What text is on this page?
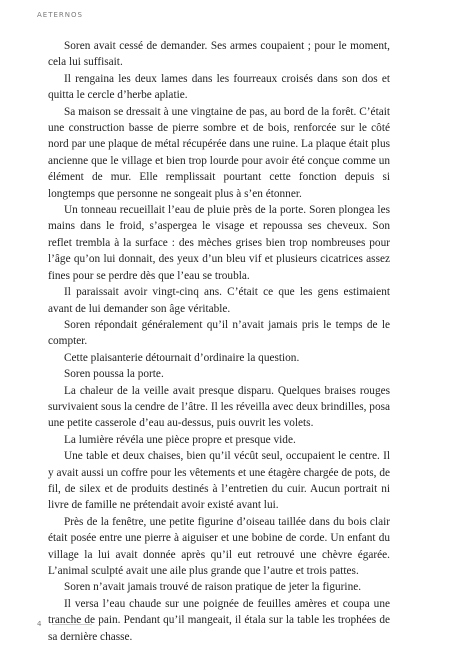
AETERNOS

Soren avait cessé de demander. Ses armes coupaient ; pour le moment, cela lui suffisait.

Il rengaina les deux lames dans les fourreaux croisés dans son dos et quitta le cercle d’herbe aplatie.

Sa maison se dressait à une vingtaine de pas, au bord de la forêt. C’était une construction basse de pierre sombre et de bois, renforcée sur le côté nord par une plaque de métal récupérée dans une ruine. La plaque était plus ancienne que le village et bien trop lourde pour avoir été conçue comme un élément de mur. Elle remplissait pourtant cette fonction depuis si longtemps que personne ne songeait plus à s’en étonner.

Un tonneau recueillait l’eau de pluie près de la porte. Soren plongea les mains dans le froid, s’aspergea le visage et repoussa ses cheveux. Son reflet trembla à la surface : des mèches grises bien trop nombreuses pour l’âge qu’on lui donnait, des yeux d’un bleu vif et plusieurs cicatrices assez fines pour se perdre dès que l’eau se troubla.

Il paraissait avoir vingt-cinq ans. C’était ce que les gens estimaient avant de lui demander son âge véritable.

Soren répondait généralement qu’il n’avait jamais pris le temps de le compter.

Cette plaisanterie détournait d’ordinaire la question.

Soren poussa la porte.

La chaleur de la veille avait presque disparu. Quelques braises rouges survivaient sous la cendre de l’âtre. Il les réveilla avec deux brindilles, posa une petite casserole d’eau au-dessus, puis ouvrit les volets.

La lumière révéla une pièce propre et presque vide.

Une table et deux chaises, bien qu’il vécût seul, occupaient le centre. Il y avait aussi un coffre pour les vêtements et une étagère chargée de pots, de fil, de silex et de produits destinés à l’entretien du cuir. Aucun portrait ni livre de famille ne prétendait avoir existé avant lui.

Près de la fenêtre, une petite figurine d’oiseau taillée dans du bois clair était posée entre une pierre à aiguiser et une bobine de corde. Un enfant du village la lui avait donnée après qu’il eut retrouvé une chèvre égarée. L’animal sculpté avait une aile plus grande que l’autre et trois pattes.

Soren n’avait jamais trouvé de raison pratique de jeter la figurine.

Il versa l’eau chaude sur une poignée de feuilles amères et coupa une tranche de pain. Pendant qu’il mangeait, il étala sur la table les trophées de sa dernière chasse.

4
